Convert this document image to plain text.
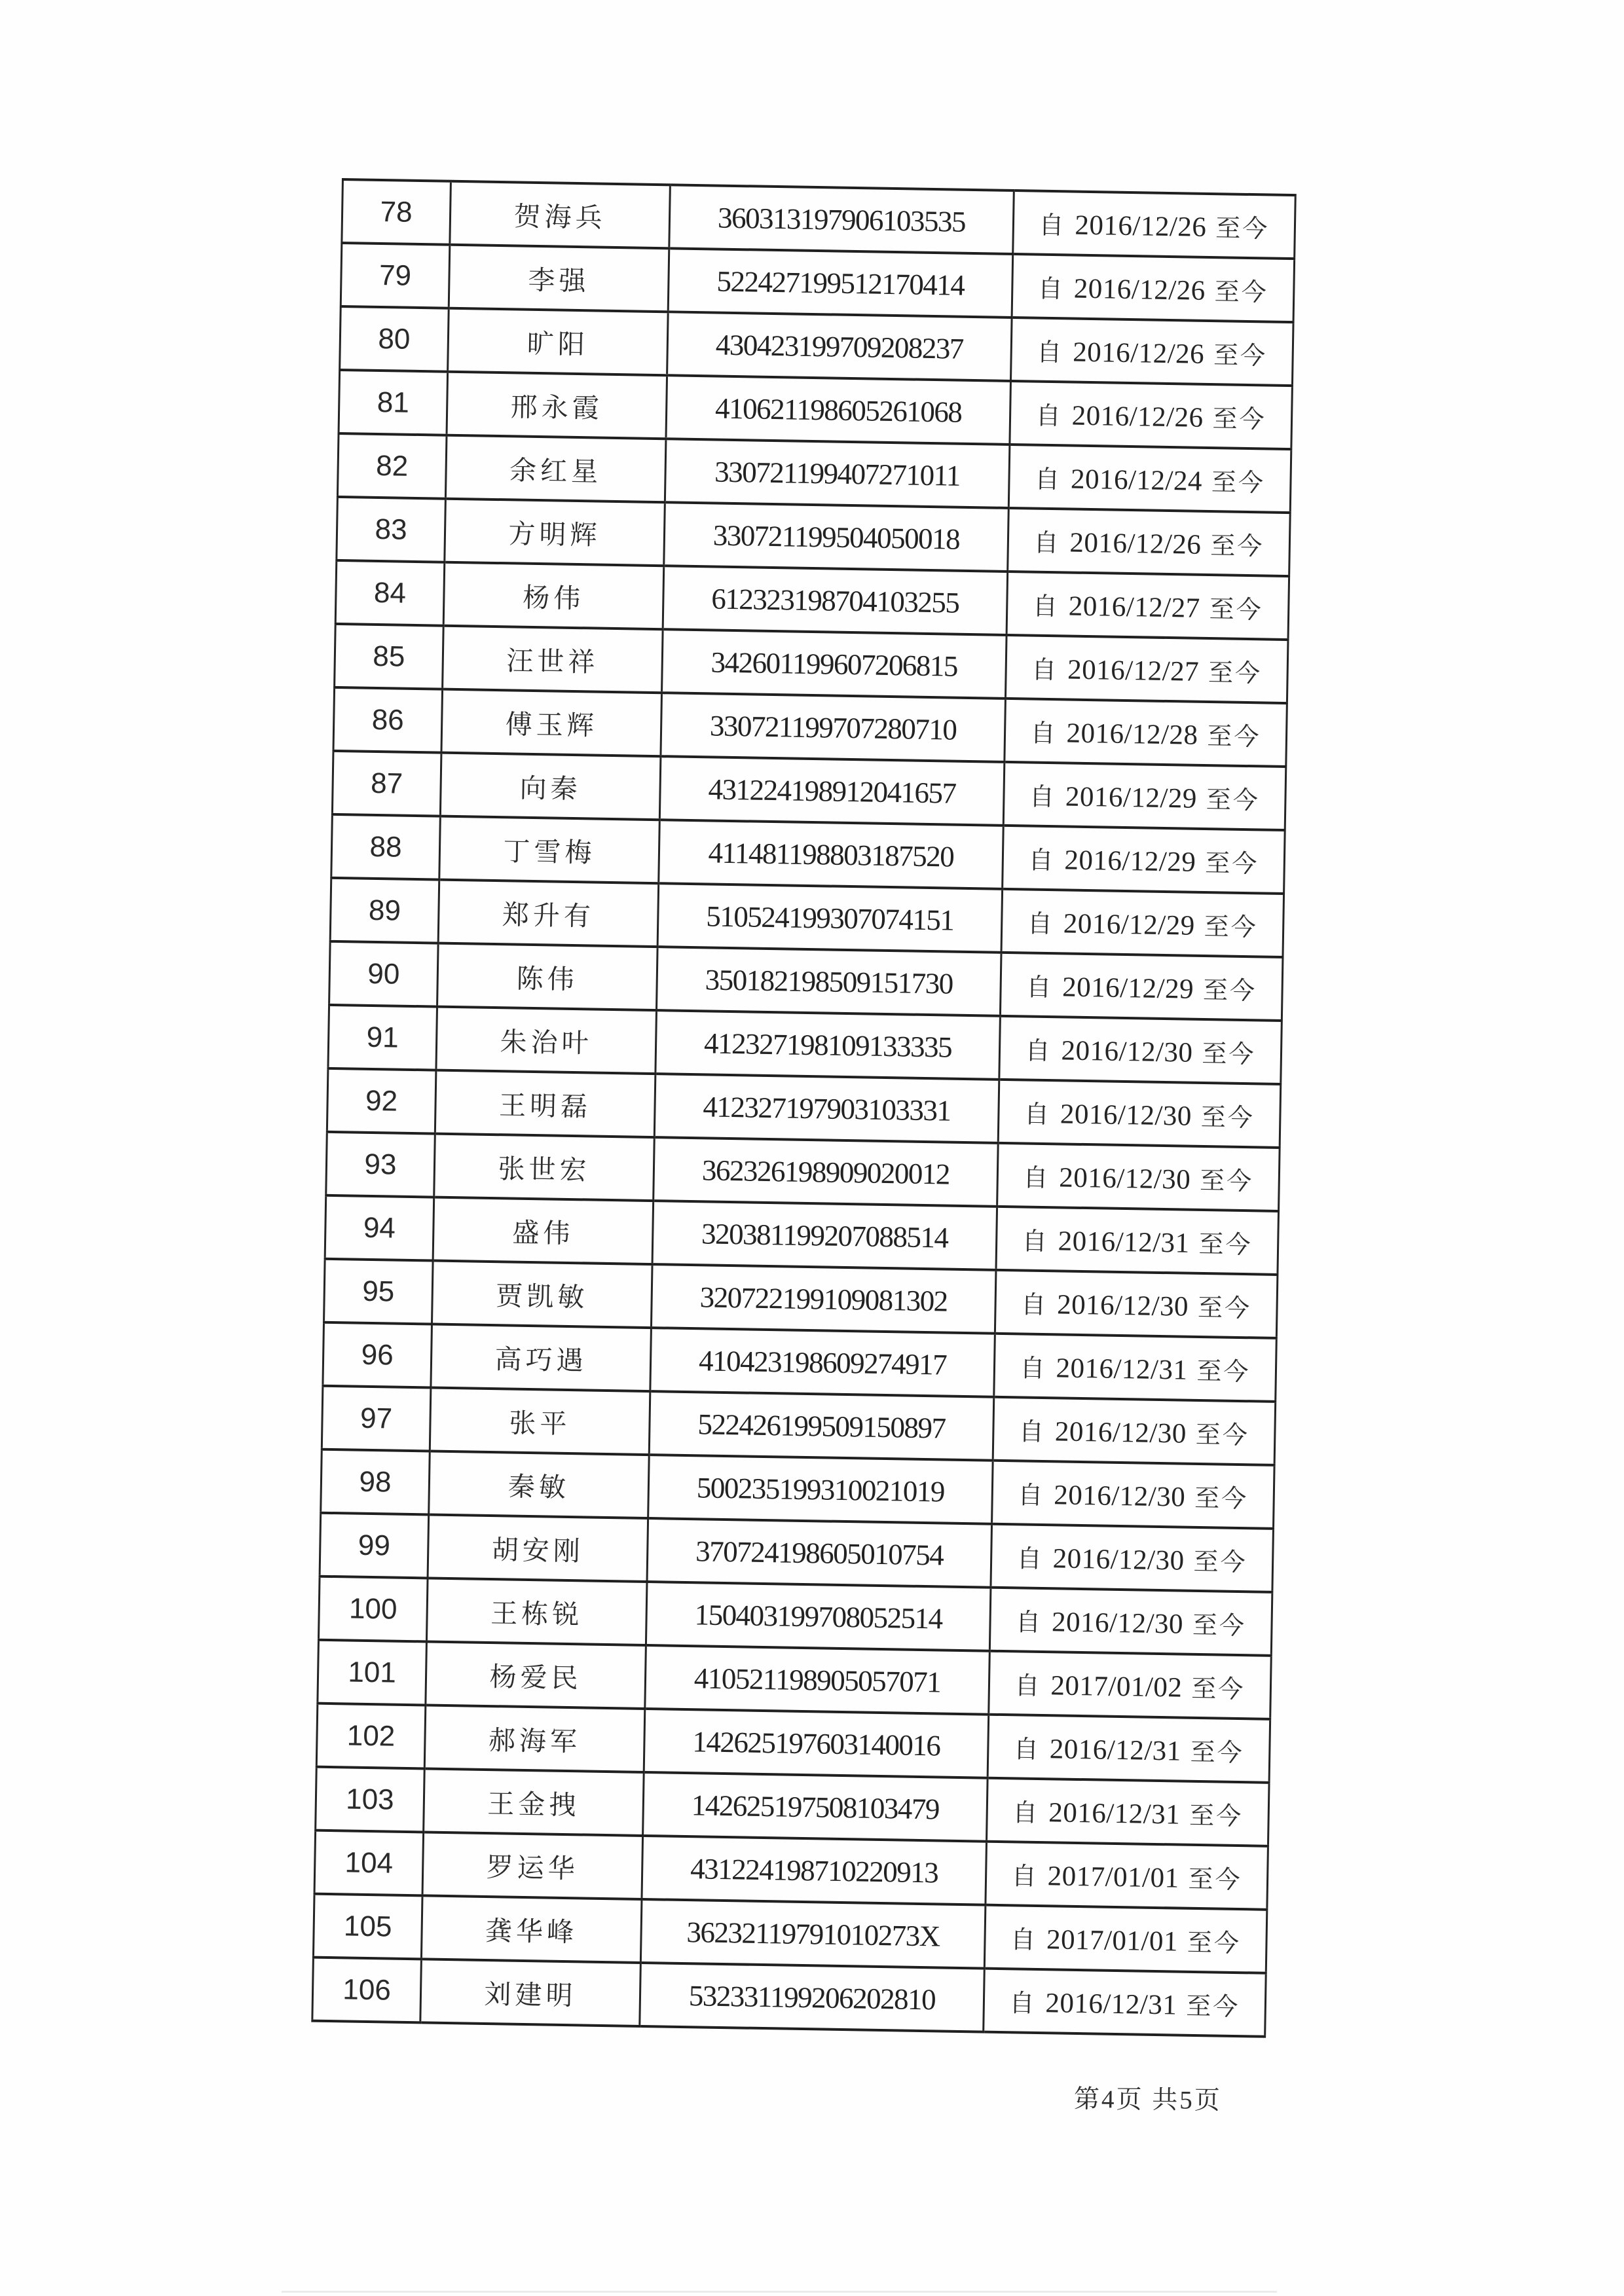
78	贺海兵	360313197906103535	自 2016/12/26 至今
79	李强	522427199512170414	自 2016/12/26 至今
80	旷阳	430423199709208237	自 2016/12/26 至今
81	邢永霞	410621198605261068	自 2016/12/26 至今
82	余红星	330721199407271011	自 2016/12/24 至今
83	方明辉	330721199504050018	自 2016/12/26 至今
84	杨伟	612323198704103255	自 2016/12/27 至今
85	汪世祥	342601199607206815	自 2016/12/27 至今
86	傅玉辉	330721199707280710	自 2016/12/28 至今
87	向秦	431224198912041657	自 2016/12/29 至今
88	丁雪梅	411481198803187520	自 2016/12/29 至今
89	郑升有	510524199307074151	自 2016/12/29 至今
90	陈伟	350182198509151730	自 2016/12/29 至今
91	朱治叶	412327198109133335	自 2016/12/30 至今
92	王明磊	412327197903103331	自 2016/12/30 至今
93	张世宏	362326198909020012	自 2016/12/30 至今
94	盛伟	320381199207088514	自 2016/12/31 至今
95	贾凯敏	320722199109081302	自 2016/12/30 至今
96	高巧遇	410423198609274917	自 2016/12/31 至今
97	张平	522426199509150897	自 2016/12/30 至今
98	秦敏	500235199310021019	自 2016/12/30 至今
99	胡安刚	370724198605010754	自 2016/12/30 至今
100	王栋锐	150403199708052514	自 2016/12/30 至今
101	杨爱民	410521198905057071	自 2017/01/02 至今
102	郝海军	142625197603140016	自 2016/12/31 至今
103	王金拽	142625197508103479	自 2016/12/31 至今
104	罗运华	431224198710220913	自 2017/01/01 至今
105	龚华峰	36232119791010273X	自 2017/01/01 至今
106	刘建明	532331199206202810	自 2016/12/31 至今
第4页 共5页
